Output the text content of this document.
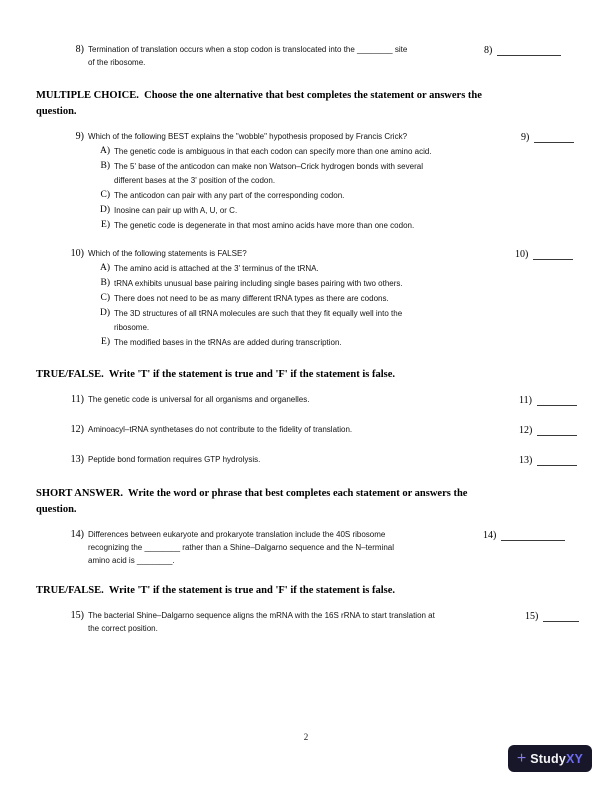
8) Termination of translation occurs when a stop codon is translocated into the ________ site
of the ribosome.
8)
MULTIPLE CHOICE.  Choose the one alternative that best completes the statement or answers the
question.
9) Which of the following BEST explains the "wobble" hypothesis proposed by Francis Crick?
A) The genetic code is ambiguous in that each codon can specify more than one amino acid.
B) The 5' base of the anticodon can make non Watson–Crick hydrogen bonds with several
different bases at the 3' position of the codon.
C) The anticodon can pair with any part of the corresponding codon.
D) Inosine can pair up with A, U, or C.
E) The genetic code is degenerate in that most amino acids have more than one codon.
9)
10) Which of the following statements is FALSE?
A) The amino acid is attached at the 3' terminus of the tRNA.
B) tRNA exhibits unusual base pairing including single bases pairing with two others.
C) There does not need to be as many different tRNA types as there are codons.
D) The 3D structures of all tRNA molecules are such that they fit equally well into the
ribosome.
E) The modified bases in the tRNAs are added during transcription.
10)
TRUE/FALSE.  Write 'T' if the statement is true and 'F' if the statement is false.
11) The genetic code is universal for all organisms and organelles.	11)
12) Aminoacyl–tRNA synthetases do not contribute to the fidelity of translation.	12)
13) Peptide bond formation requires GTP hydrolysis.	13)
SHORT ANSWER.  Write the word or phrase that best completes each statement or answers the
question.
14) Differences between eukaryote and prokaryote translation include the 40S ribosome
recognizing the ________ rather than a Shine–Dalgarno sequence and the N–terminal
amino acid is ________.
14)
TRUE/FALSE.  Write 'T' if the statement is true and 'F' if the statement is false.
15) The bacterial Shine–Dalgarno sequence aligns the mRNA with the 16S rRNA to start translation at
the correct position.
15)
2
+ Study XY
